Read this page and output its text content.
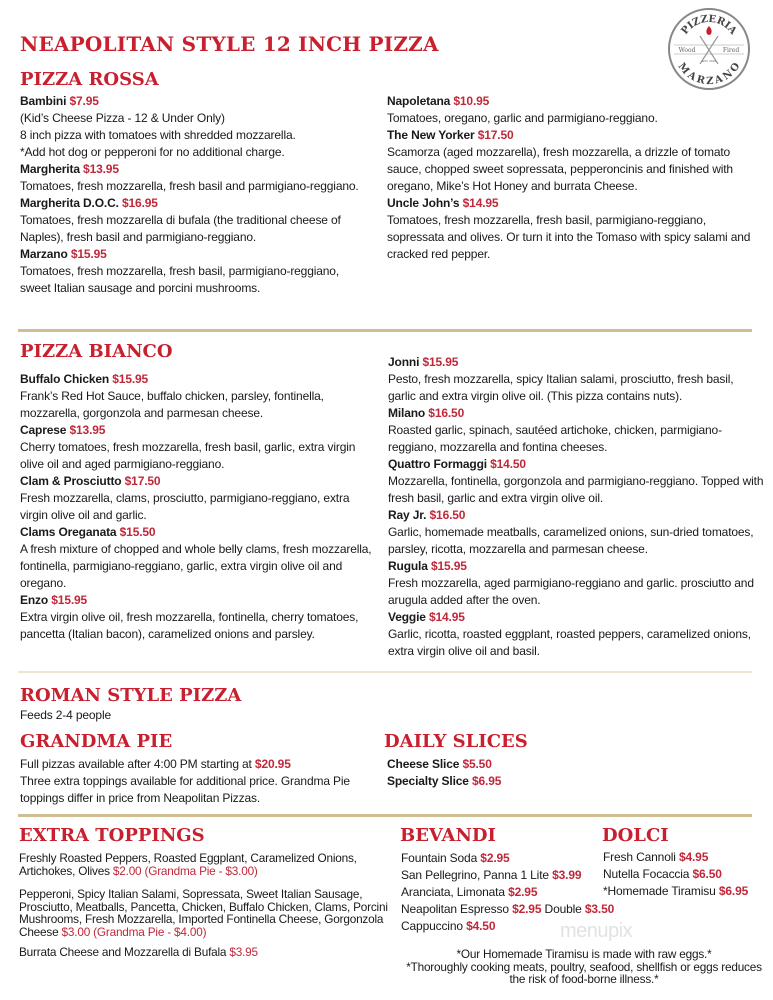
PIZZERIA
MARZANO
Wood	Fired
EST. 2019
NEAPOLITAN STYLE 12 INCH PIZZA
PIZZA ROSSA
Bambini $7.95
(Kid’s Cheese Pizza - 12 & Under Only)
8 inch pizza with tomatoes with shredded mozzarella.
*Add hot dog or pepperoni for no additional charge.
Margherita $13.95
Tomatoes, fresh mozzarella, fresh basil and parmigiano-reggiano.
Margherita D.O.C. $16.95
Tomatoes, fresh mozzarella di bufala (the traditional cheese of Naples), fresh basil and parmigiano-reggiano.
Marzano $15.95
Tomatoes, fresh mozzarella, fresh basil, parmigiano-reggiano, sweet Italian sausage and porcini mushrooms.
Napoletana $10.95
Tomatoes, oregano, garlic and parmigiano-reggiano.
The New Yorker $17.50
Scamorza (aged mozzarella), fresh mozzarella, a drizzle of tomato sauce, chopped sweet sopressata, pepperoncinis and finished with oregano, Mike’s Hot Honey and burrata Cheese.
Uncle John’s $14.95
Tomatoes, fresh mozzarella, fresh basil, parmigiano-reggiano, sopressata and olives. Or turn it into the Tomaso with spicy salami and cracked red pepper.
PIZZA BIANCO
Buffalo Chicken $15.95
Frank’s Red Hot Sauce, buffalo chicken, parsley, fontinella, mozzarella, gorgonzola and parmesan cheese.
Caprese $13.95
Cherry tomatoes, fresh mozzarella, fresh basil, garlic, extra virgin olive oil and aged parmigiano-reggiano.
Clam & Prosciutto $17.50
Fresh mozzarella, clams, prosciutto, parmigiano-reggiano, extra virgin olive oil and garlic.
Clams Oreganata $15.50
A fresh mixture of chopped and whole belly clams, fresh mozzarella, fontinella, parmigiano-reggiano, garlic, extra virgin olive oil and oregano.
Enzo $15.95
Extra virgin olive oil, fresh mozzarella, fontinella, cherry tomatoes, pancetta (Italian bacon), caramelized onions and parsley.
Jonni $15.95
Pesto, fresh mozzarella, spicy Italian salami, prosciutto, fresh basil, garlic and extra virgin olive oil. (This pizza contains nuts).
Milano $16.50
Roasted garlic, spinach, sautéed artichoke, chicken, parmigiano-reggiano, mozzarella and fontina cheeses.
Quattro Formaggi $14.50
Mozzarella, fontinella, gorgonzola and parmigiano-reggiano. Topped with fresh basil, garlic and extra virgin olive oil.
Ray Jr. $16.50
Garlic, homemade meatballs, caramelized onions, sun-dried tomatoes, parsley, ricotta, mozzarella and parmesan cheese.
Rugula $15.95
Fresh mozzarella, aged parmigiano-reggiano and garlic. prosciutto and arugula added after the oven.
Veggie $14.95
Garlic, ricotta, roasted eggplant, roasted peppers, caramelized onions, extra virgin olive oil and basil.
ROMAN STYLE PIZZA
Feeds 2-4 people
GRANDMA PIE
Full pizzas available after 4:00 PM starting at $20.95
Three extra toppings available for additional price. Grandma Pie toppings differ in price from Neapolitan Pizzas.
DAILY SLICES
Cheese Slice $5.50
Specialty Slice $6.95
EXTRA TOPPINGS
Freshly Roasted Peppers, Roasted Eggplant, Caramelized Onions, Artichokes, Olives $2.00 (Grandma Pie - $3.00)
Pepperoni, Spicy Italian Salami, Sopressata, Sweet Italian Sausage, Prosciutto, Meatballs, Pancetta, Chicken, Buffalo Chicken, Clams, Porcini Mushrooms, Fresh Mozzarella, Imported Fontinella Cheese, Gorgonzola Cheese $3.00 (Grandma Pie - $4.00)
Burrata Cheese and Mozzarella di Bufala $3.95
BEVANDI
Fountain Soda $2.95
San Pellegrino, Panna 1 Lite $3.99
Aranciata, Limonata $2.95
Neapolitan Espresso $2.95 Double $3.50
Cappuccino $4.50
DOLCI
Fresh Cannoli $4.95
Nutella Focaccia $6.50
*Homemade Tiramisu $6.95
menupix
*Our Homemade Tiramisu is made with raw eggs.*
*Thoroughly cooking meats, poultry, seafood, shellfish or eggs reduces the risk of food-borne illness.*
